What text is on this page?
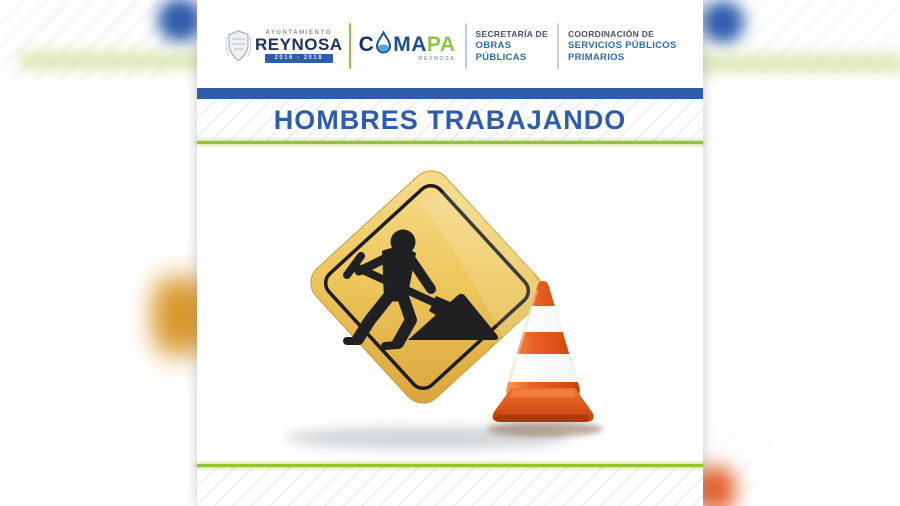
AYUNTAMIENTO
REYNOSA
2016 - 2018
C MA PA
REYNOSA
SECRETARÍA DE
OBRAS
PÚBLICAS
COORDINACIÓN DE
SERVICIOS PÚBLICOS
PRIMARIOS
HOMBRES TRABAJANDO
